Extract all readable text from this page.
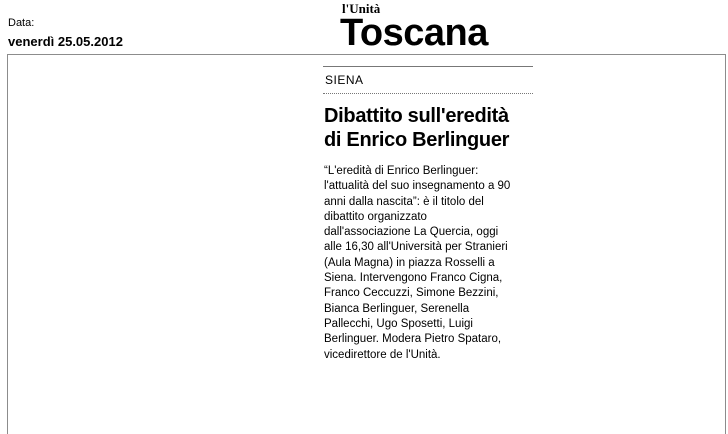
Data:
venerdì 25.05.2012
l'Unità
Toscana
SIENA
Dibattito sull'eredità
di Enrico Berlinguer
“L'eredità di Enrico Berlinguer:
l'attualità del suo insegnamento a 90
anni dalla nascita”: è il titolo del
dibattito organizzato
dall'associazione La Quercia, oggi
alle 16,30 all'Università per Stranieri
(Aula Magna) in piazza Rosselli a
Siena. Intervengono Franco Cigna,
Franco Ceccuzzi, Simone Bezzini,
Bianca Berlinguer, Serenella
Pallecchi, Ugo Sposetti, Luigi
Berlinguer. Modera Pietro Spataro,
vicedirettore de l'Unità.
